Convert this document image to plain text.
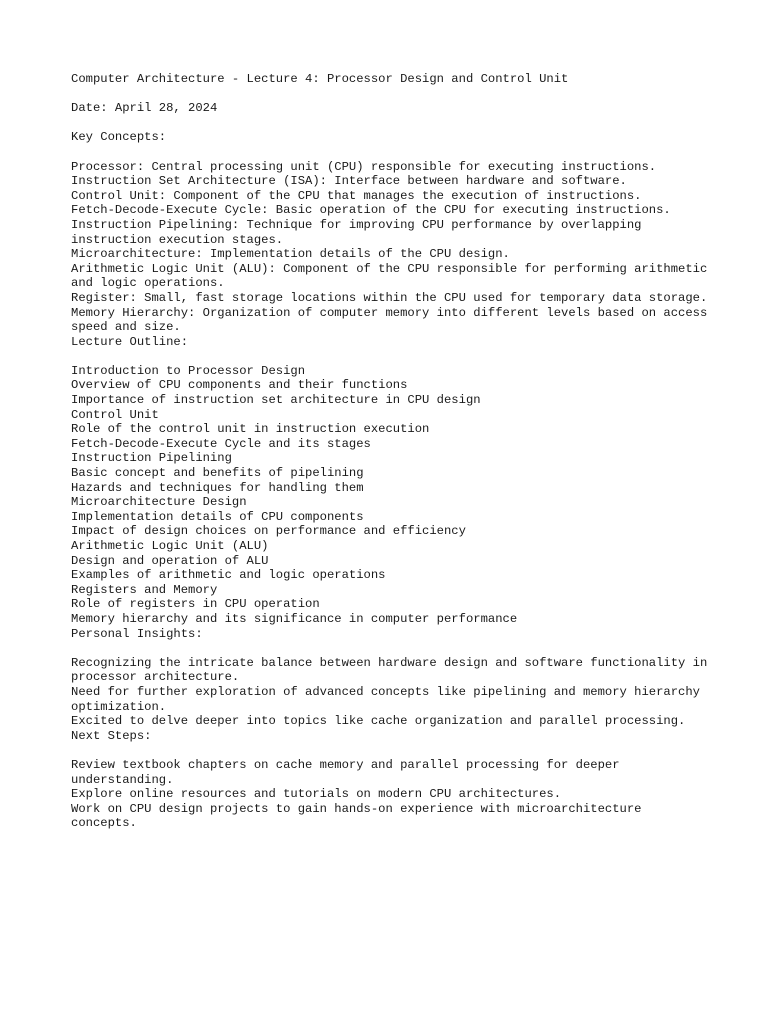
Computer Architecture - Lecture 4: Processor Design and Control Unit

Date: April 28, 2024

Key Concepts:

Processor: Central processing unit (CPU) responsible for executing instructions.

Instruction Set Architecture (ISA): Interface between hardware and software.

Control Unit: Component of the CPU that manages the execution of instructions.

Fetch-Decode-Execute Cycle: Basic operation of the CPU for executing instructions.

Instruction Pipelining: Technique for improving CPU performance by overlapping instruction execution stages.

Microarchitecture: Implementation details of the CPU design.

Arithmetic Logic Unit (ALU): Component of the CPU responsible for performing arithmetic and logic operations.

Register: Small, fast storage locations within the CPU used for temporary data storage.

Memory Hierarchy: Organization of computer memory into different levels based on access speed and size.

Lecture Outline:

Introduction to Processor Design

Overview of CPU components and their functions

Importance of instruction set architecture in CPU design

Control Unit

Role of the control unit in instruction execution

Fetch-Decode-Execute Cycle and its stages

Instruction Pipelining

Basic concept and benefits of pipelining

Hazards and techniques for handling them

Microarchitecture Design

Implementation details of CPU components

Impact of design choices on performance and efficiency

Arithmetic Logic Unit (ALU)

Design and operation of ALU

Examples of arithmetic and logic operations

Registers and Memory

Role of registers in CPU operation

Memory hierarchy and its significance in computer performance

Personal Insights:

Recognizing the intricate balance between hardware design and software functionality in processor architecture.

Need for further exploration of advanced concepts like pipelining and memory hierarchy optimization.

Excited to delve deeper into topics like cache organization and parallel processing.

Next Steps:

Review textbook chapters on cache memory and parallel processing for deeper understanding.

Explore online resources and tutorials on modern CPU architectures.

Work on CPU design projects to gain hands-on experience with microarchitecture concepts.
